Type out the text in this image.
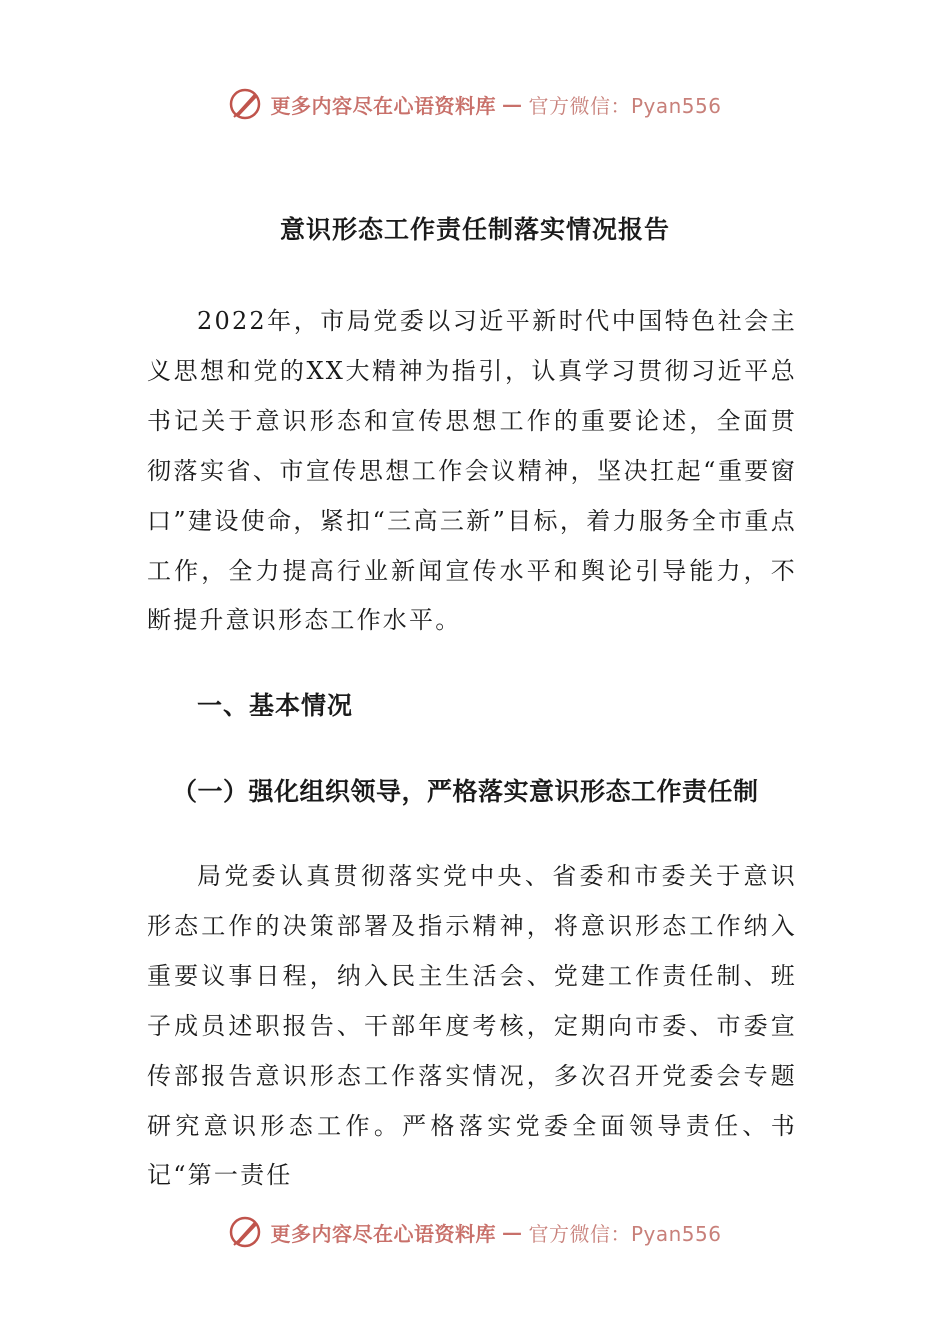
更多内容尽在心语资料库 — 官方微信：Pyan556
意识形态工作责任制落实情况报告

2022年，市局党委以习近平新时代中国特色社会主义思想和党的XX大精神为指引，认真学习贯彻习近平总书记关于意识形态和宣传思想工作的重要论述，全面贯彻落实省、市宣传思想工作会议精神，坚决扛起“重要窗口”建设使命，紧扣“三高三新”目标，着力服务全市重点工作，全力提高行业新闻宣传水平和舆论引导能力，不断提升意识形态工作水平。

一、基本情况
（一）强化组织领导，严格落实意识形态工作责任制

局党委认真贯彻落实党中央、省委和市委关于意识形态工作的决策部署及指示精神，将意识形态工作纳入重要议事日程，纳入民主生活会、党建工作责任制、班子成员述职报告、干部年度考核，定期向市委、市委宣传部报告意识形态工作落实情况，多次召开党委会专题研究意识形态工作。严格落实党委全面领导责任、书记“第一责任

更多内容尽在心语资料库 — 官方微信：Pyan556
